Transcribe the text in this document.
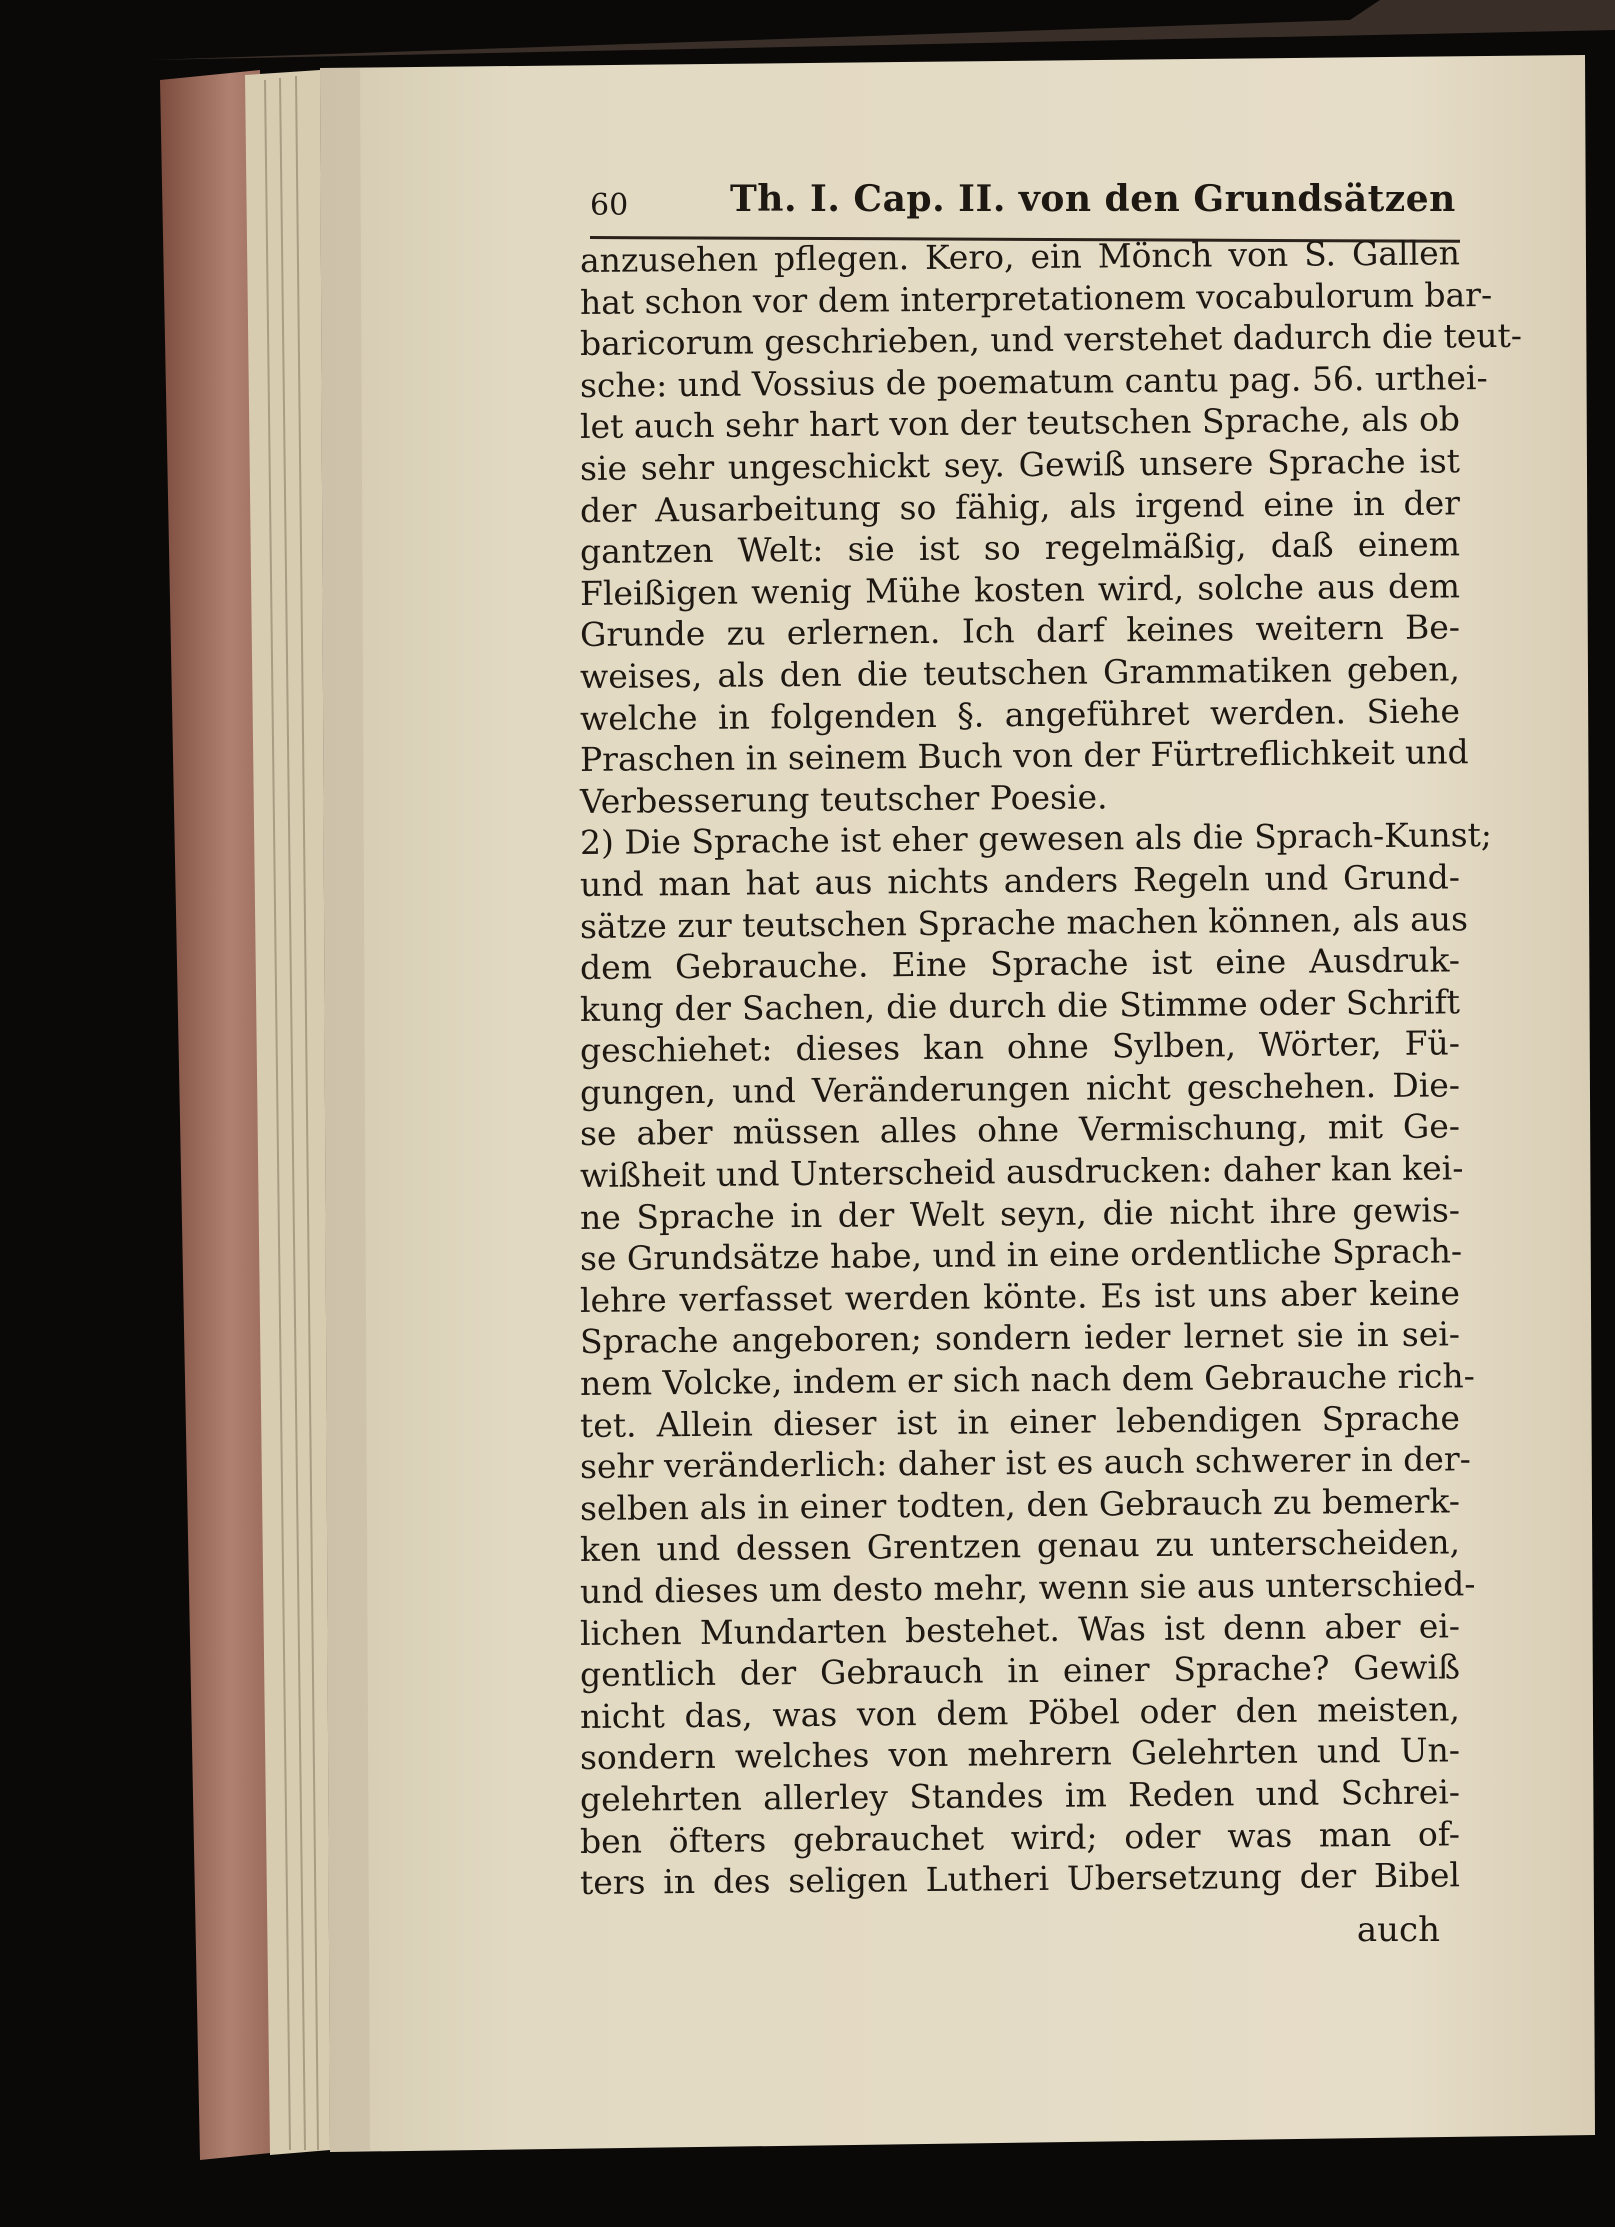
60	Th. I. Cap. II. von den Grundsätzen
anzusehen pflegen. Kero, ein Mönch von S. Gallen
hat schon vor dem interpretationem vocabulorum bar-
baricorum geschrieben, und verstehet dadurch die teut-
sche: und Vossius de poematum cantu pag. 56. urthei-
let auch sehr hart von der teutschen Sprache, als ob
sie sehr ungeschickt sey. Gewiß unsere Sprache ist
der Ausarbeitung so fähig, als irgend eine in der
gantzen Welt: sie ist so regelmäßig, daß einem
Fleißigen wenig Mühe kosten wird, solche aus dem
Grunde zu erlernen. Ich darf keines weitern Be-
weises, als den die teutschen Grammatiken geben,
welche in folgenden §. angeführet werden. Siehe
Praschen in seinem Buch von der Fürtreflichkeit und
Verbesserung teutscher Poesie.
2) Die Sprache ist eher gewesen als die Sprach-Kunst;
und man hat aus nichts anders Regeln und Grund-
sätze zur teutschen Sprache machen können, als aus
dem Gebrauche. Eine Sprache ist eine Ausdruk-
kung der Sachen, die durch die Stimme oder Schrift
geschiehet: dieses kan ohne Sylben, Wörter, Fü-
gungen, und Veränderungen nicht geschehen. Die-
se aber müssen alles ohne Vermischung, mit Ge-
wißheit und Unterscheid ausdrucken: daher kan kei-
ne Sprache in der Welt seyn, die nicht ihre gewis-
se Grundsätze habe, und in eine ordentliche Sprach-
lehre verfasset werden könte. Es ist uns aber keine
Sprache angeboren; sondern ieder lernet sie in sei-
nem Volcke, indem er sich nach dem Gebrauche rich-
tet. Allein dieser ist in einer lebendigen Sprache
sehr veränderlich: daher ist es auch schwerer in der-
selben als in einer todten, den Gebrauch zu bemerk-
ken und dessen Grentzen genau zu unterscheiden,
und dieses um desto mehr, wenn sie aus unterschied-
lichen Mundarten bestehet. Was ist denn aber ei-
gentlich der Gebrauch in einer Sprache? Gewiß
nicht das, was von dem Pöbel oder den meisten,
sondern welches von mehrern Gelehrten und Un-
gelehrten allerley Standes im Reden und Schrei-
ben öfters gebrauchet wird; oder was man of-
ters in des seligen Lutheri Ubersetzung der Bibel
auch
